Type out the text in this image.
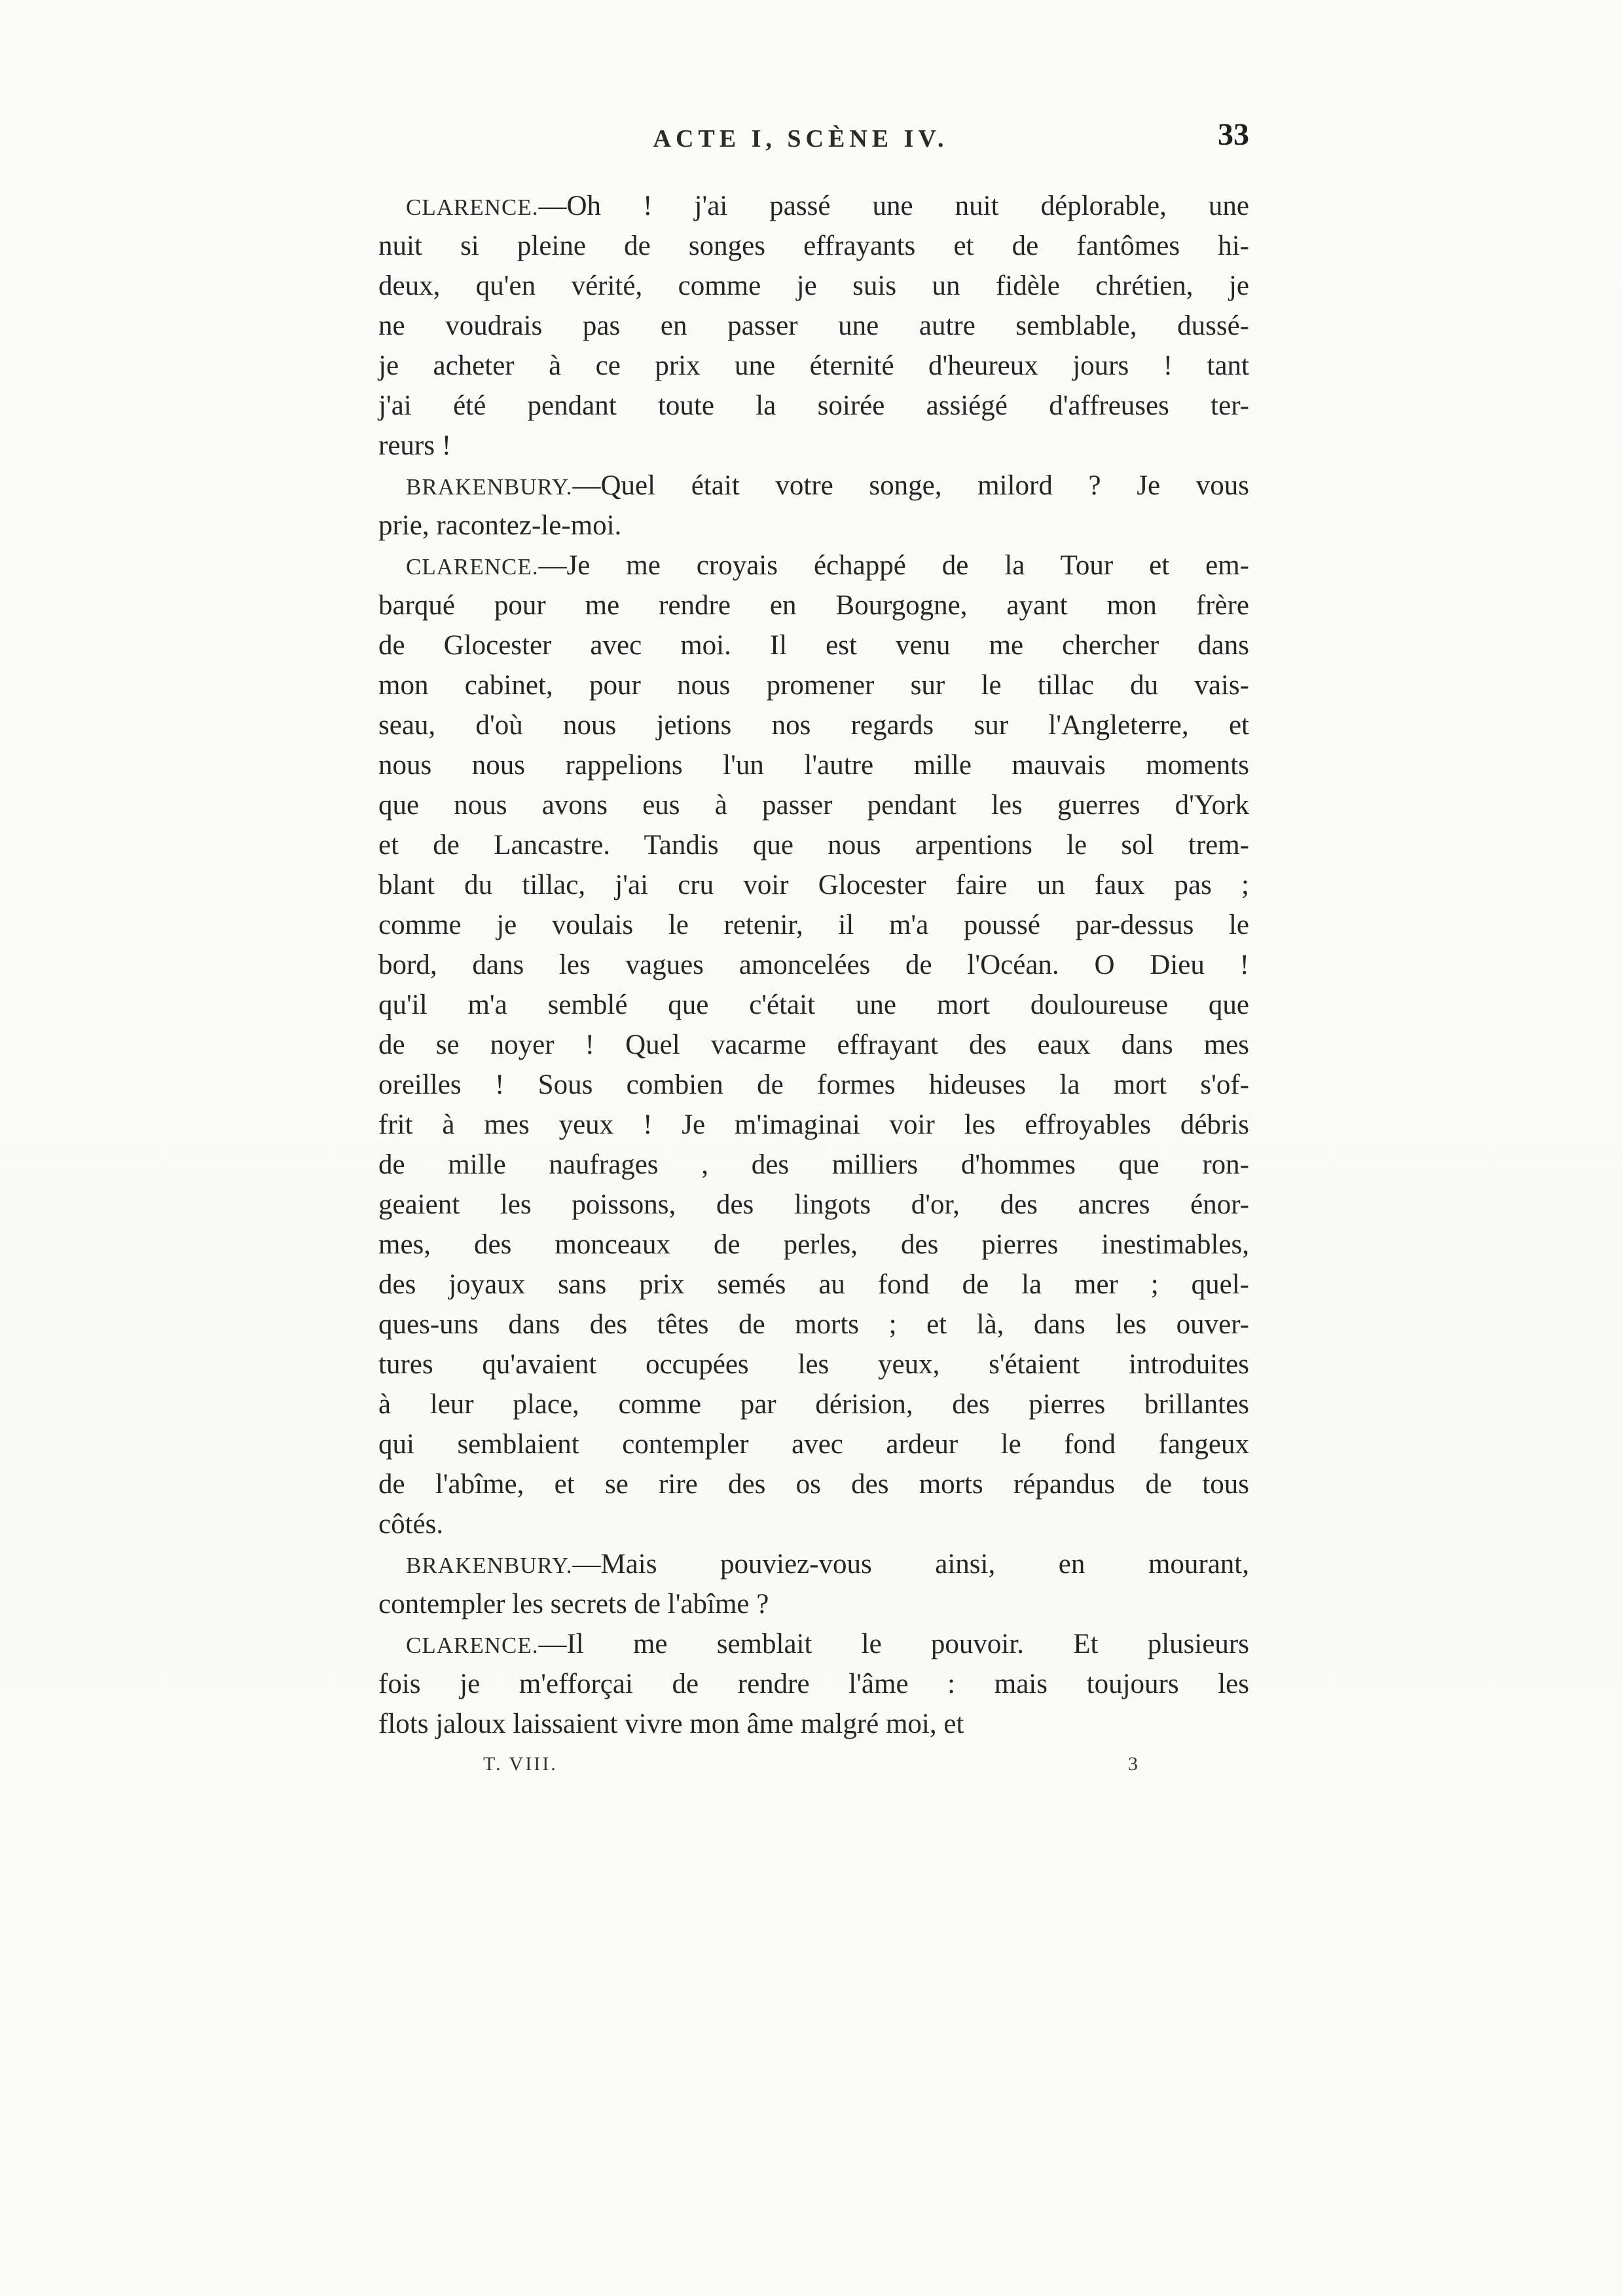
ACTE I, SCÈNE IV.	33
CLARENCE.—Oh ! j'ai passé une nuit déplorable, une
nuit si pleine de songes effrayants et de fantômes hi-
deux, qu'en vérité, comme je suis un fidèle chrétien, je
ne voudrais pas en passer une autre semblable, dussé-
je acheter à ce prix une éternité d'heureux jours ! tant
j'ai été pendant toute la soirée assiégé d'affreuses ter-
reurs !
BRAKENBURY.—Quel était votre songe, milord ? Je vous
prie, racontez-le-moi.
CLARENCE.—Je me croyais échappé de la Tour et em-
barqué pour me rendre en Bourgogne, ayant mon frère
de Glocester avec moi. Il est venu me chercher dans
mon cabinet, pour nous promener sur le tillac du vais-
seau, d'où nous jetions nos regards sur l'Angleterre, et
nous nous rappelions l'un l'autre mille mauvais moments
que nous avons eus à passer pendant les guerres d'York
et de Lancastre. Tandis que nous arpentions le sol trem-
blant du tillac, j'ai cru voir Glocester faire un faux pas ;
comme je voulais le retenir, il m'a poussé par-dessus le
bord, dans les vagues amoncelées de l'Océan. O Dieu !
qu'il m'a semblé que c'était une mort douloureuse que
de se noyer ! Quel vacarme effrayant des eaux dans mes
oreilles ! Sous combien de formes hideuses la mort s'of-
frit à mes yeux ! Je m'imaginai voir les effroyables débris
de mille naufrages , des milliers d'hommes que ron-
geaient les poissons, des lingots d'or, des ancres énor-
mes, des monceaux de perles, des pierres inestimables,
des joyaux sans prix semés au fond de la mer ; quel-
ques-uns dans des têtes de morts ; et là, dans les ouver-
tures qu'avaient occupées les yeux, s'étaient introduites
à leur place, comme par dérision, des pierres brillantes
qui semblaient contempler avec ardeur le fond fangeux
de l'abîme, et se rire des os des morts répandus de tous
côtés.
BRAKENBURY.—Mais pouviez-vous ainsi, en mourant,
contempler les secrets de l'abîme ?
CLARENCE.—Il me semblait le pouvoir. Et plusieurs
fois je m'efforçai de rendre l'âme : mais toujours les
flots jaloux laissaient vivre mon âme malgré moi, et
T. VIII.	3
